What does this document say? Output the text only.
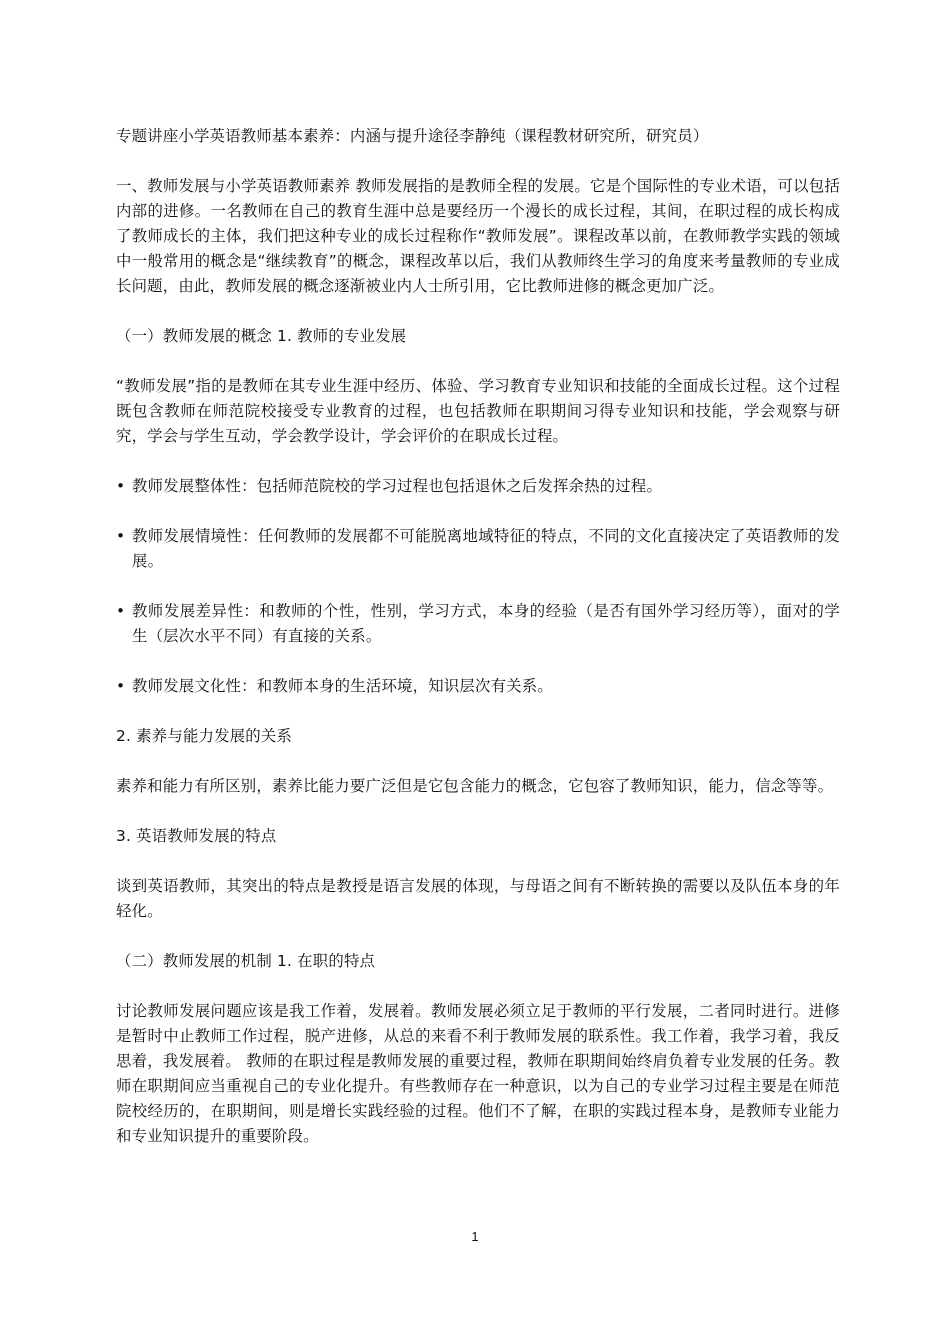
专题讲座小学英语教师基本素养：内涵与提升途径李静纯（课程教材研究所，研究员）

一、教师发展与小学英语教师素养 教师发展指的是教师全程的发展。它是个国际性的专业术语，可以包括内部的进修。一名教师在自己的教育生涯中总是要经历一个漫长的成长过程，其间，在职过程的成长构成了教师成长的主体，我们把这种专业的成长过程称作“教师发展”。课程改革以前，在教师教学实践的领域中一般常用的概念是“继续教育”的概念，课程改革以后，我们从教师终生学习的角度来考量教师的专业成长问题，由此，教师发展的概念逐渐被业内人士所引用，它比教师进修的概念更加广泛。

（一）教师发展的概念 1. 教师的专业发展

“教师发展”指的是教师在其专业生涯中经历、体验、学习教育专业知识和技能的全面成长过程。这个过程既包含教师在师范院校接受专业教育的过程，也包括教师在职期间习得专业知识和技能，学会观察与研究，学会与学生互动，学会教学设计，学会评价的在职成长过程。

• 教师发展整体性：包括师范院校的学习过程也包括退休之后发挥余热的过程。
• 教师发展情境性：任何教师的发展都不可能脱离地域特征的特点，不同的文化直接决定了英语教师的发展。
• 教师发展差异性：和教师的个性，性别，学习方式，本身的经验（是否有国外学习经历等），面对的学生（层次水平不同）有直接的关系。
• 教师发展文化性：和教师本身的生活环境，知识层次有关系。

2. 素养与能力发展的关系

素养和能力有所区别，素养比能力要广泛但是它包含能力的概念，它包容了教师知识，能力，信念等等。

3. 英语教师发展的特点

谈到英语教师，其突出的特点是教授是语言发展的体现，与母语之间有不断转换的需要以及队伍本身的年轻化。

（二）教师发展的机制 1. 在职的特点

讨论教师发展问题应该是我工作着，发展着。教师发展必须立足于教师的平行发展，二者同时进行。进修是暂时中止教师工作过程，脱产进修，从总的来看不利于教师发展的联系性。我工作着，我学习着，我反思着，我发展着。 教师的在职过程是教师发展的重要过程，教师在职期间始终肩负着专业发展的任务。教师在职期间应当重视自己的专业化提升。有些教师存在一种意识，以为自己的专业学习过程主要是在师范院校经历的，在职期间，则是增长实践经验的过程。他们不了解，在职的实践过程本身，是教师专业能力和专业知识提升的重要阶段。

1
